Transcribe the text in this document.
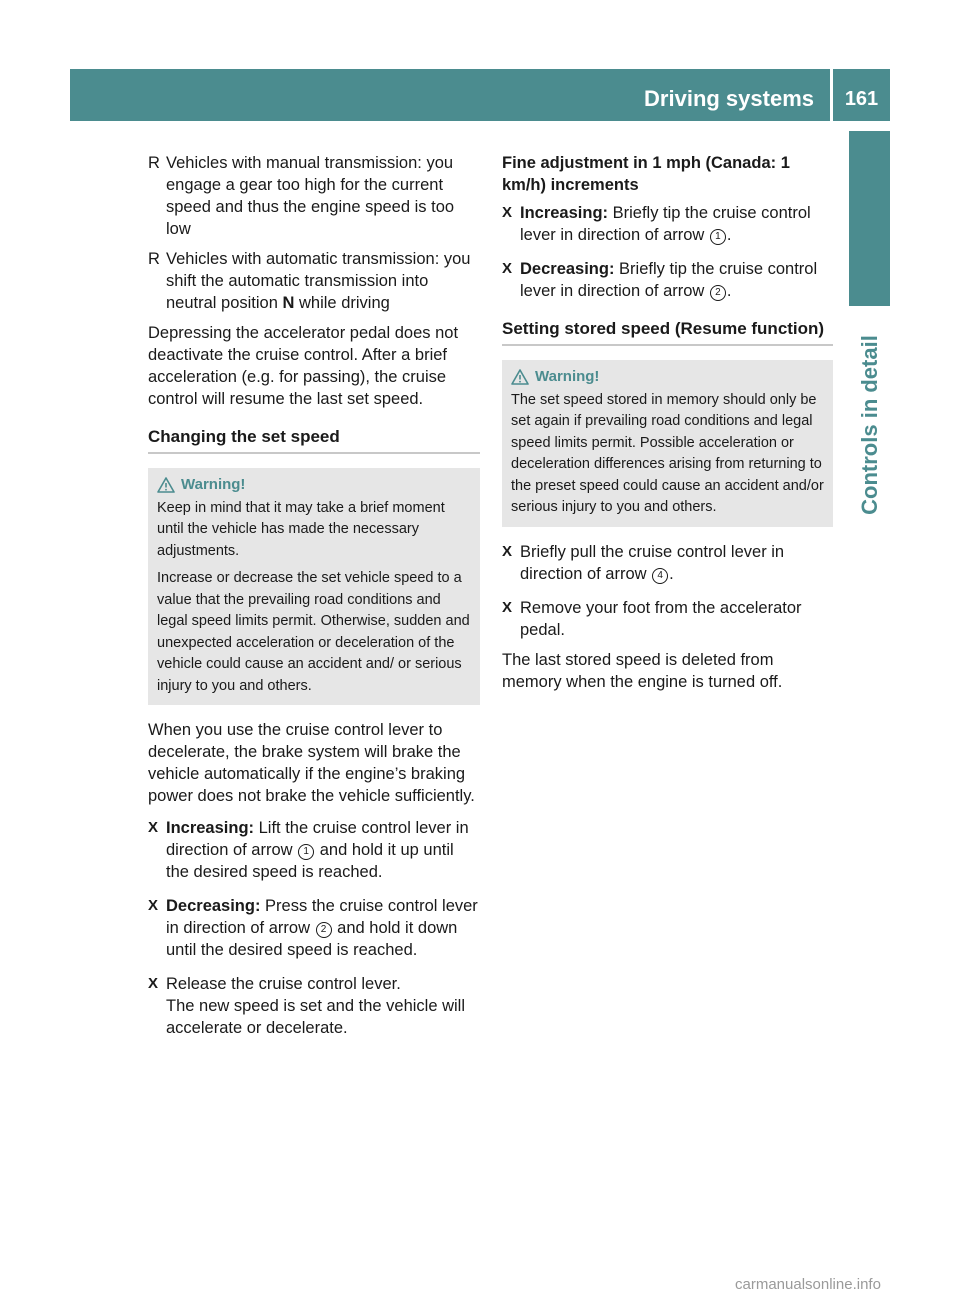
Driving systems	161
Controls in detail
R Vehicles with manual transmission: you engage a gear too high for the current speed and thus the engine speed is too low
R Vehicles with automatic transmission: you shift the automatic transmission into neutral position N while driving

Depressing the accelerator pedal does not deactivate the cruise control. After a brief acceleration (e.g. for passing), the cruise control will resume the last set speed.

Changing the set speed
Warning!

Keep in mind that it may take a brief moment until the vehicle has made the necessary adjustments.

Increase or decrease the set vehicle speed to a value that the prevailing road conditions and legal speed limits permit. Otherwise, sudden and unexpected acceleration or deceleration of the vehicle could cause an accident and/ or serious injury to you and others.

When you use the cruise control lever to decelerate, the brake system will brake the vehicle automatically if the engine’s braking power does not brake the vehicle sufficiently.

X Increasing: Lift the cruise control lever in direction of arrow 1 and hold it up until the desired speed is reached.
X Decreasing: Press the cruise control lever in direction of arrow 2 and hold it down until the desired speed is reached.
X Release the cruise control lever.
The new speed is set and the vehicle will accelerate or decelerate.
Fine adjustment in 1 mph (Canada: 1 km/h) increments
X Increasing: Briefly tip the cruise control lever in direction of arrow 1 .
X Decreasing: Briefly tip the cruise control lever in direction of arrow 2 .
Setting stored speed (Resume function)
Warning!

The set speed stored in memory should only be set again if prevailing road conditions and legal speed limits permit. Possible acceleration or deceleration differences arising from returning to the preset speed could cause an accident and/or serious injury to you and others.

X Briefly pull the cruise control lever in direction of arrow 4 .
X Remove your foot from the accelerator pedal.

The last stored speed is deleted from memory when the engine is turned off.

carmanualsonline.info
